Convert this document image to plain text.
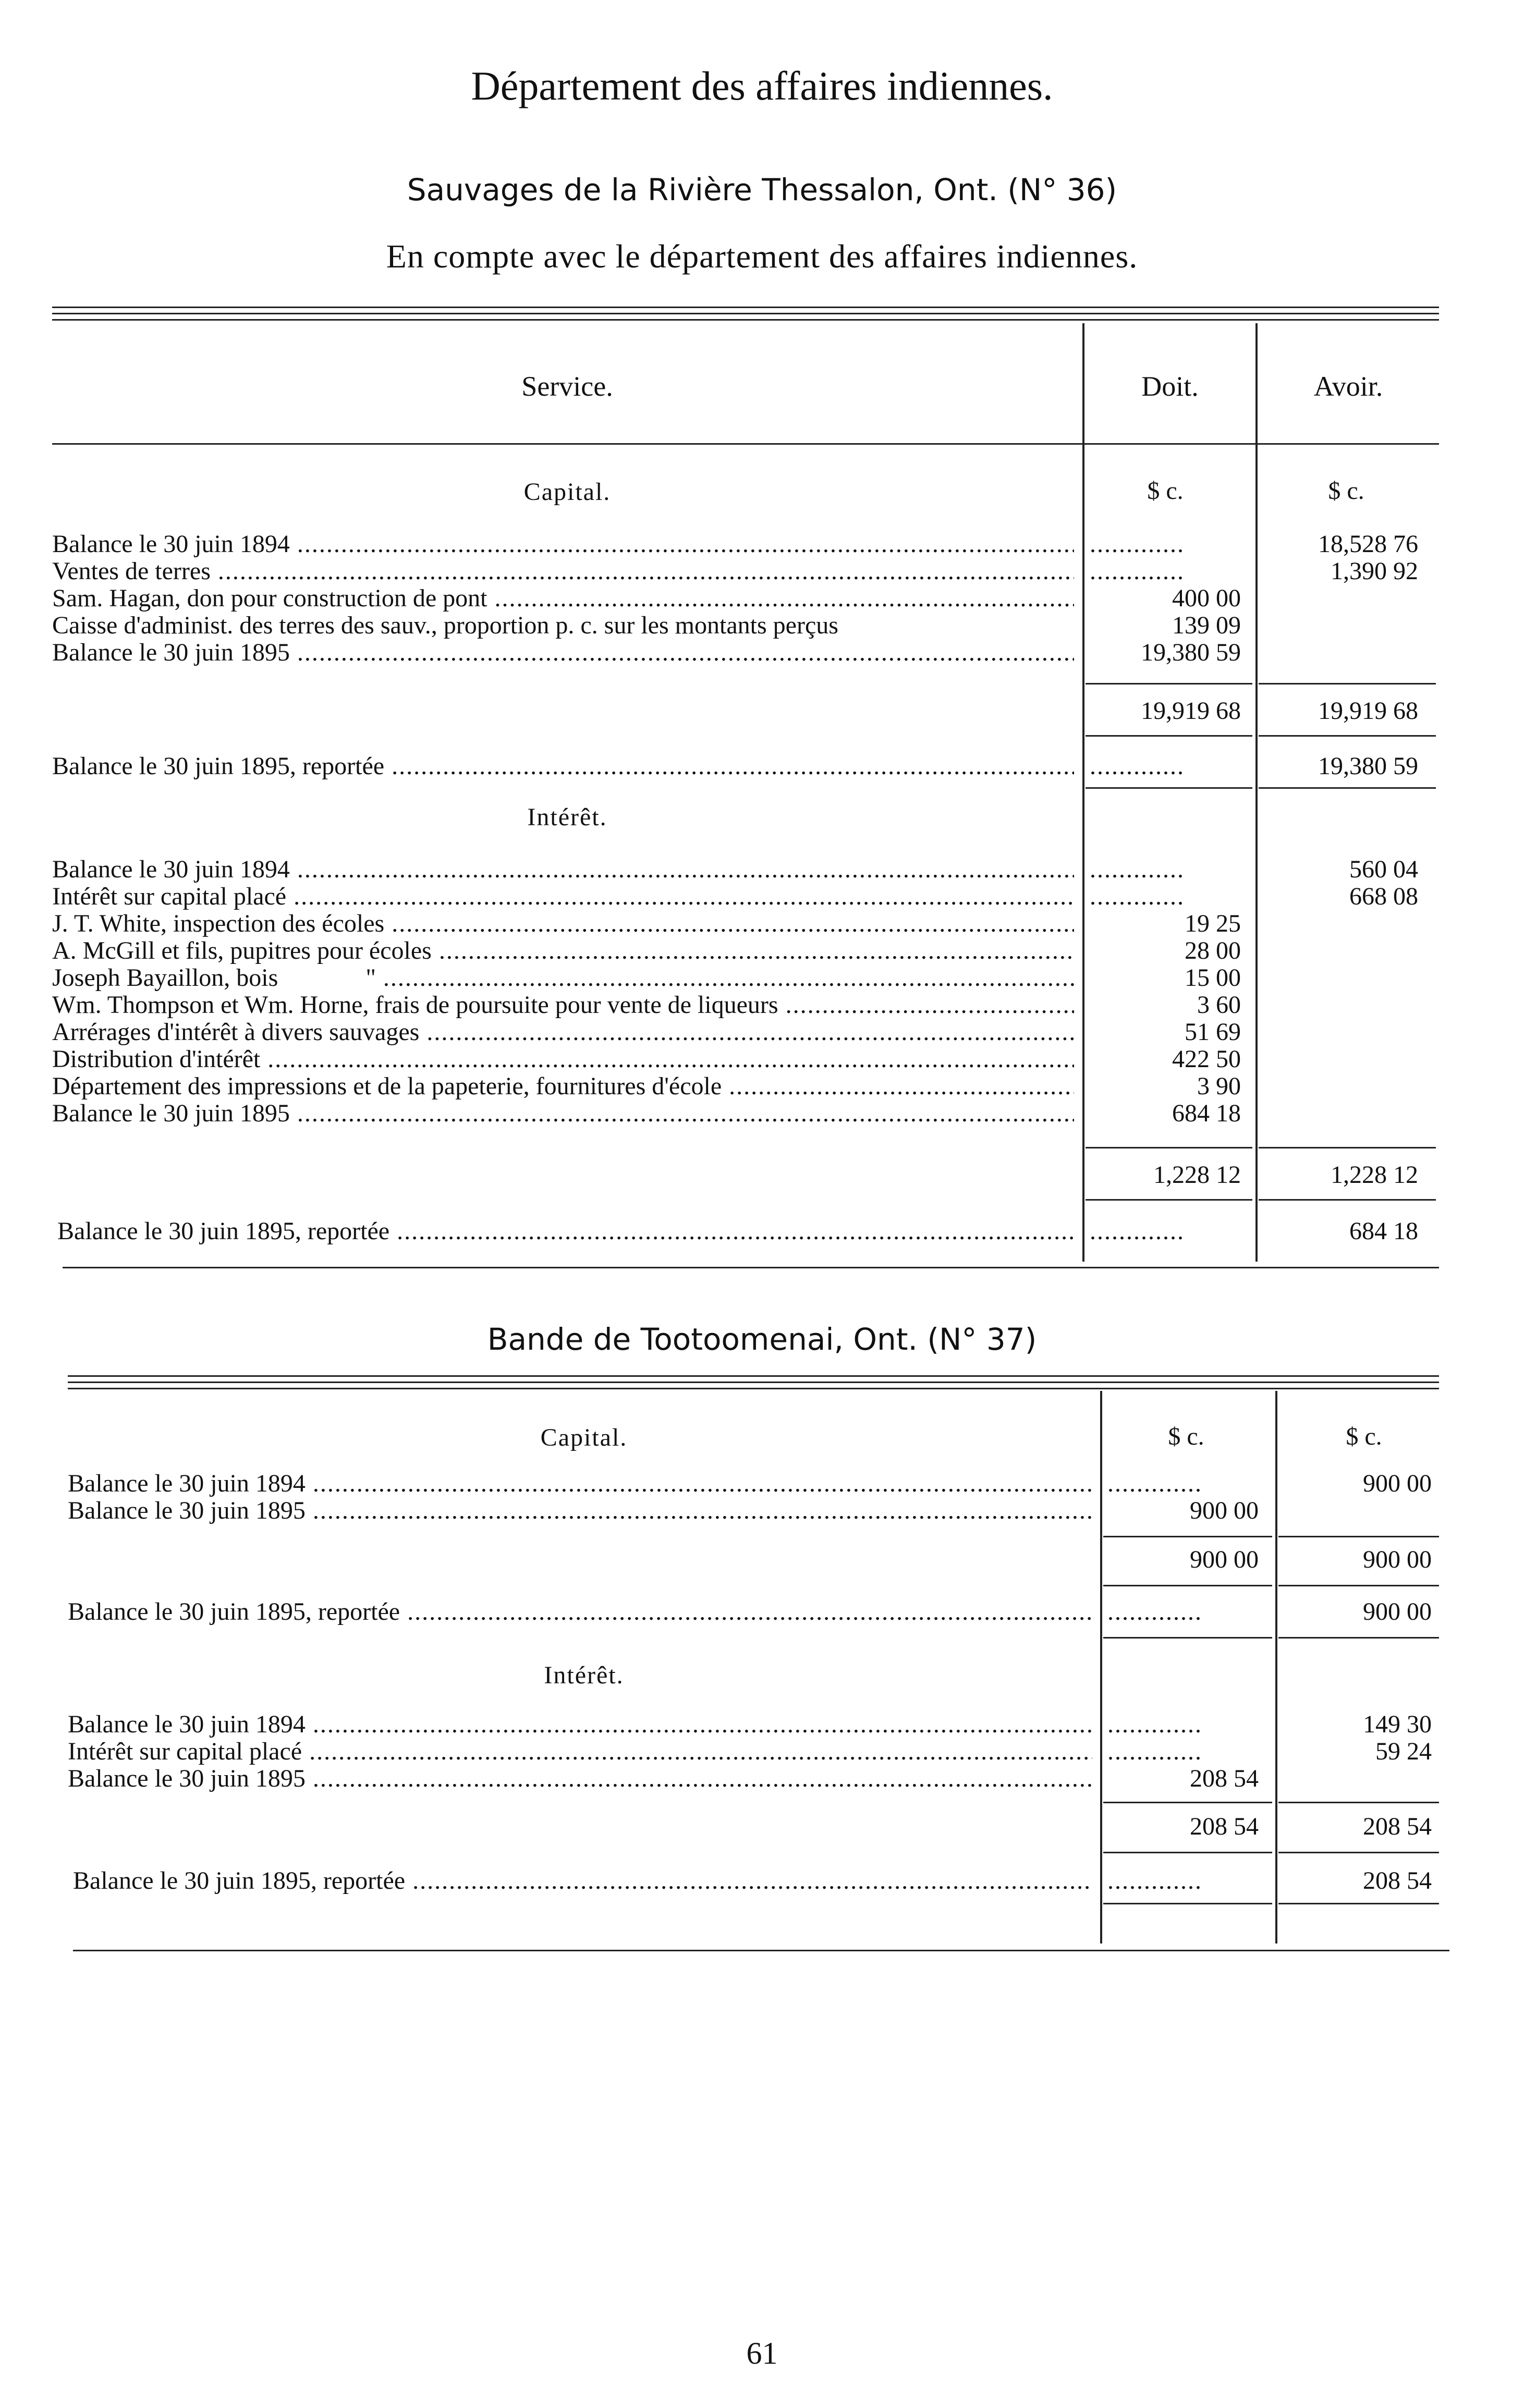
Département des affaires indiennes.
Sauvages de la Rivière Thessalon, Ont. (N° 36)
En compte avec le département des affaires indiennes.
Service.	Doit.	Avoir.
Capital.	$ c.	$ c.
Balance le 30 juin 1894 .....	.............	18,528 76
Ventes de terres .....	.............	1,390 92
Sam. Hagan, don pour construction de pont .....	400 00
Caisse d'administ. des terres des sauv., proportion p. c. sur les montants perçus	139 09
Balance le 30 juin 1895 .....	19,380 59
19,919 68	19,919 68
Balance le 30 juin 1895, reportée .....	.............	19,380 59
Intérêt.
Balance le 30 juin 1894 .....	.............	560 04
Intérêt sur capital placé .....	.............	668 08
J. T. White, inspection des écoles .....	19 25
A. McGill et fils, pupitres pour écoles .....	28 00
Joseph Bayaillon, bois              " .....	15 00
Wm. Thompson et Wm. Horne, frais de poursuite pour vente de liqueurs .....	3 60
Arrérages d'intérêt à divers sauvages .....	51 69
Distribution d'intérêt .....	422 50
Département des impressions et de la papeterie, fournitures d'école .....	3 90
Balance le 30 juin 1895 .....	684 18
1,228 12	1,228 12
Balance le 30 juin 1895, reportée .....	.............	684 18
Bande de Tootoomenai, Ont. (N° 37)
Capital.	$ c.	$ c.
Balance le 30 juin 1894 .....	.............	900 00
Balance le 30 juin 1895 .....	900 00
900 00	900 00
Balance le 30 juin 1895, reportée .....	.............	900 00
Intérêt.
Balance le 30 juin 1894 .....	.............	149 30
Intérêt sur capital placé .....	.............	59 24
Balance le 30 juin 1895 .....	208 54
208 54	208 54
Balance le 30 juin 1895, reportée .....	.............	208 54
61
